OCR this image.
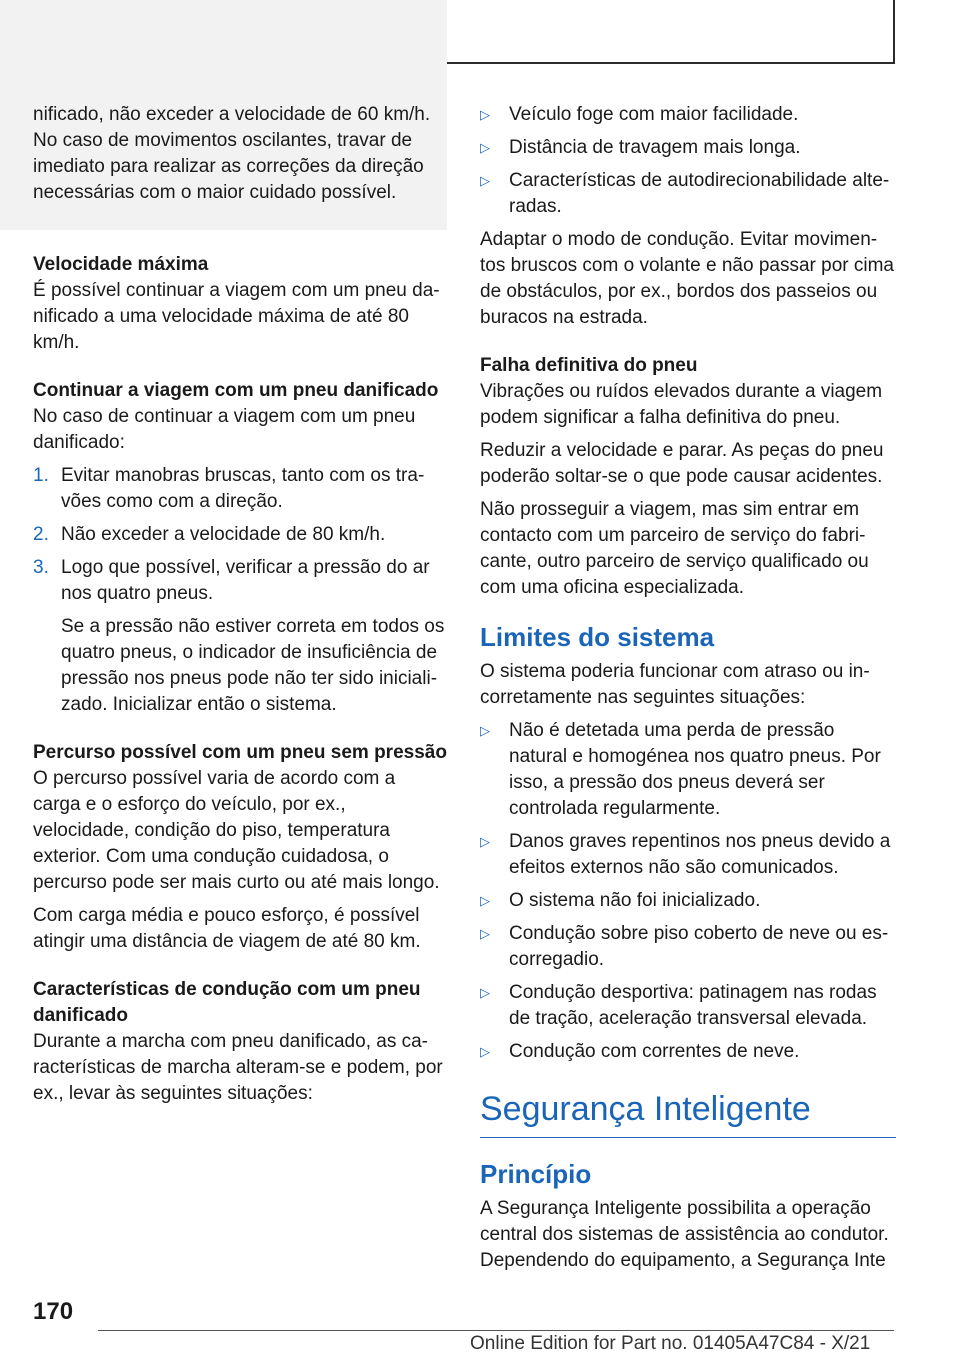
nificado, não exceder a velocidade de 60 km/h.

No caso de movimentos oscilantes, travar de

imediato para realizar as correções da direção

necessárias com o maior cuidado possível.

Velocidade máxima

É possível continuar a viagem com um pneu danificado a uma velocidade máxima de até 80 km/h.

Continuar a viagem com um pneu danificado

No caso de continuar a viagem com um pneu danificado:

1. Evitar manobras bruscas, tanto com os travões como com a direção.
2. Não exceder a velocidade de 80 km/h.
3. Logo que possível, verificar a pressão do ar nos quatro pneus.
Se a pressão não estiver correta em todos os quatro pneus, o indicador de insuficiência de pressão nos pneus pode não ter sido inicializado. Inicializar então o sistema.

Percurso possível com um pneu sem pressão

O percurso possível varia de acordo com a carga e o esforço do veículo, por ex., velocidade, condição do piso, temperatura exterior. Com uma condução cuidadosa, o percurso pode ser mais curto ou até mais longo.

Com carga média e pouco esforço, é possível atingir uma distância de viagem de até 80 km.

Características de condução com um pneu danificado

Durante a marcha com pneu danificado, as características de marcha alteram-se e podem, por ex., levar às seguintes situações:

▷	Veículo foge com maior facilidade.
▷	Distância de travagem mais longa.
▷	Características de autodirecionabilidade alteradas.

Adaptar o modo de condução. Evitar movimentos bruscos com o volante e não passar por cima de obstáculos, por ex., bordos dos passeios ou buracos na estrada.

Falha definitiva do pneu

Vibrações ou ruídos elevados durante a viagem podem significar a falha definitiva do pneu.

Reduzir a velocidade e parar. As peças do pneu poderão soltar-se o que pode causar acidentes.

Não prosseguir a viagem, mas sim entrar em contacto com um parceiro de serviço do fabricante, outro parceiro de serviço qualificado ou com uma oficina especializada.

Limites do sistema

O sistema poderia funcionar com atraso ou incorretamente nas seguintes situações:

▷	Não é detetada uma perda de pressão natural e homogénea nos quatro pneus. Por isso, a pressão dos pneus deverá ser controlada regularmente.
▷	Danos graves repentinos nos pneus devido a efeitos externos não são comunicados.
▷	O sistema não foi inicializado.
▷	Condução sobre piso coberto de neve ou escorregadio.
▷	Condução desportiva: patinagem nas rodas de tração, aceleração transversal elevada.
▷	Condução com correntes de neve.
Segurança Inteligente
Princípio

A Segurança Inteligente possibilita a operação central dos sistemas de assistência ao condutor. Dependendo do equipamento, a Segurança Inte

170
Online Edition for Part no. 01405A47C84 - X/21
